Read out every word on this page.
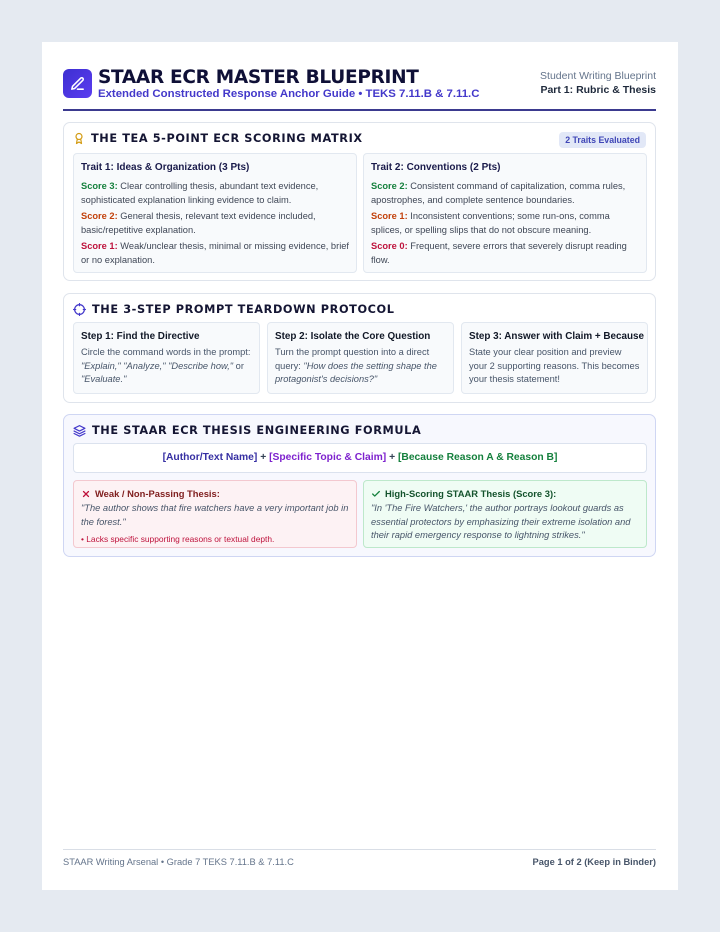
STAAR ECR MASTER BLUEPRINT
Extended Constructed Response Anchor Guide • TEKS 7.11.B & 7.11.C
Student Writing Blueprint
Part 1: Rubric & Thesis
THE TEA 5-POINT ECR SCORING MATRIX	2 Traits Evaluated
Trait 1: Ideas & Organization (3 Pts)

Score 3: Clear controlling thesis, abundant text evidence, sophisticated explanation linking evidence to claim.

Score 2: General thesis, relevant text evidence included, basic/repetitive explanation.

Score 1: Weak/unclear thesis, minimal or missing evidence, brief or no explanation.

Trait 2: Conventions (2 Pts)

Score 2: Consistent command of capitalization, comma rules, apostrophes, and complete sentence boundaries.

Score 1: Inconsistent conventions; some run-ons, comma splices, or spelling slips that do not obscure meaning.

Score 0: Frequent, severe errors that severely disrupt reading flow.

THE 3-STEP PROMPT TEARDOWN PROTOCOL
Step 1: Find the Directive

Circle the command words in the prompt: "Explain," "Analyze," "Describe how," or "Evaluate."

Step 2: Isolate the Core Question

Turn the prompt question into a direct query: "How does the setting shape the protagonist's decisions?"

Step 3: Answer with Claim + Because

State your clear position and preview your 2 supporting reasons. This becomes your thesis statement!

THE STAAR ECR THESIS ENGINEERING FORMULA
[Author/Text Name] + [Specific Topic & Claim] + [Because Reason A & Reason B]
Weak / Non-Passing Thesis:

"The author shows that fire watchers have a very important job in the forest."

• Lacks specific supporting reasons or textual depth.

High-Scoring STAAR Thesis (Score 3):

"In 'The Fire Watchers,' the author portrays lookout guards as essential protectors by emphasizing their extreme isolation and their rapid emergency response to lightning strikes."

STAAR Writing Arsenal • Grade 7 TEKS 7.11.B & 7.11.C	Page 1 of 2 (Keep in Binder)
